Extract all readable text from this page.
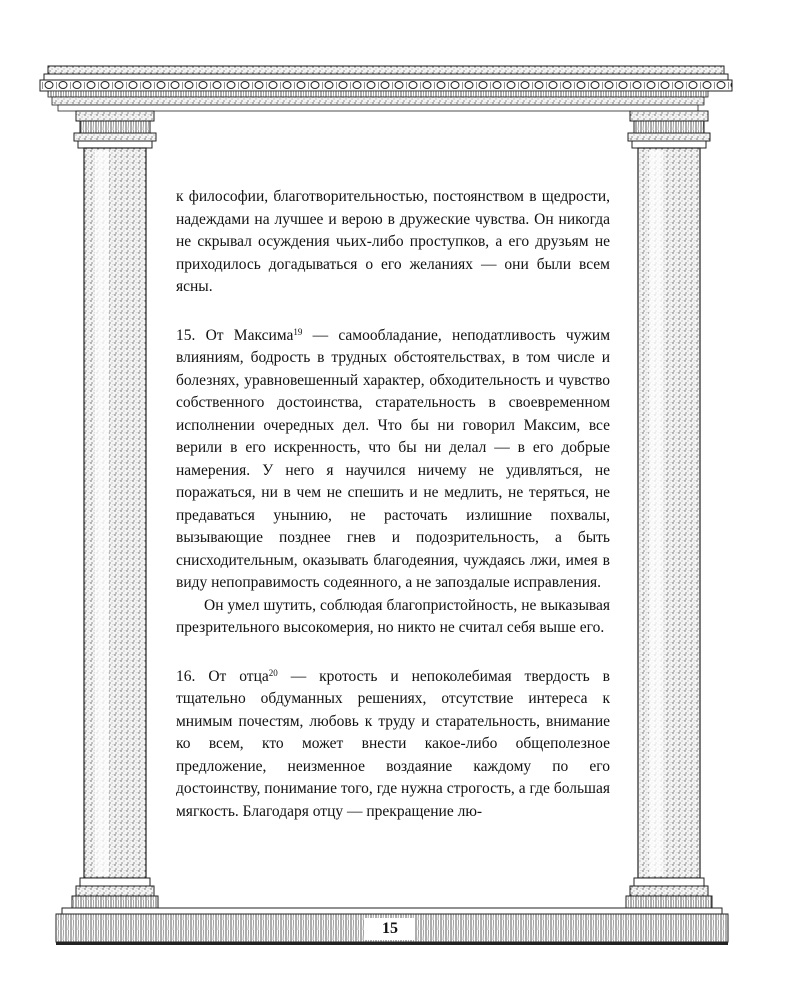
к философии, благотворительностью, постоянством в щедрости, надеждами на лучшее и верою в дружеские чувства. Он никогда не скрывал осуждения чьих-либо проступков, а его друзьям не приходилось догадываться о его желаниях — они были всем ясны.

15. От Максима$^{19}$ — самообладание, неподатливость чужим влияниям, бодрость в трудных обстоятельствах, в том числе и болезнях, уравновешенный характер, обходительность и чувство собственного достоинства, старательность в своевременном исполнении очередных дел. Что бы ни говорил Максим, все верили в его искренность, что бы ни делал — в его добрые намерения. У него я научился ничему не удивляться, не поражаться, ни в чем не спешить и не медлить, не теряться, не предаваться унынию, не расточать излишние похвалы, вызывающие позднее гнев и подозрительность, а быть снисходительным, оказывать благодеяния, чуждаясь лжи, имея в виду непоправимость содеянного, а не запоздалые исправления.

Он умел шутить, соблюдая благопристойность, не выказывая презрительного высокомерия, но никто не считал себя выше его.

16. От отца$^{20}$ — кротость и непоколебимая твердость в тщательно обдуманных решениях, отсутствие интереса к мнимым почестям, любовь к труду и старательность, внимание ко всем, кто может внести какое-либо общеполезное предложение, неизменное воздаяние каждому по его достоинству, понимание того, где нужна строгость, а где большая мягкость. Благодаря отцу — прекращение лю-

15
